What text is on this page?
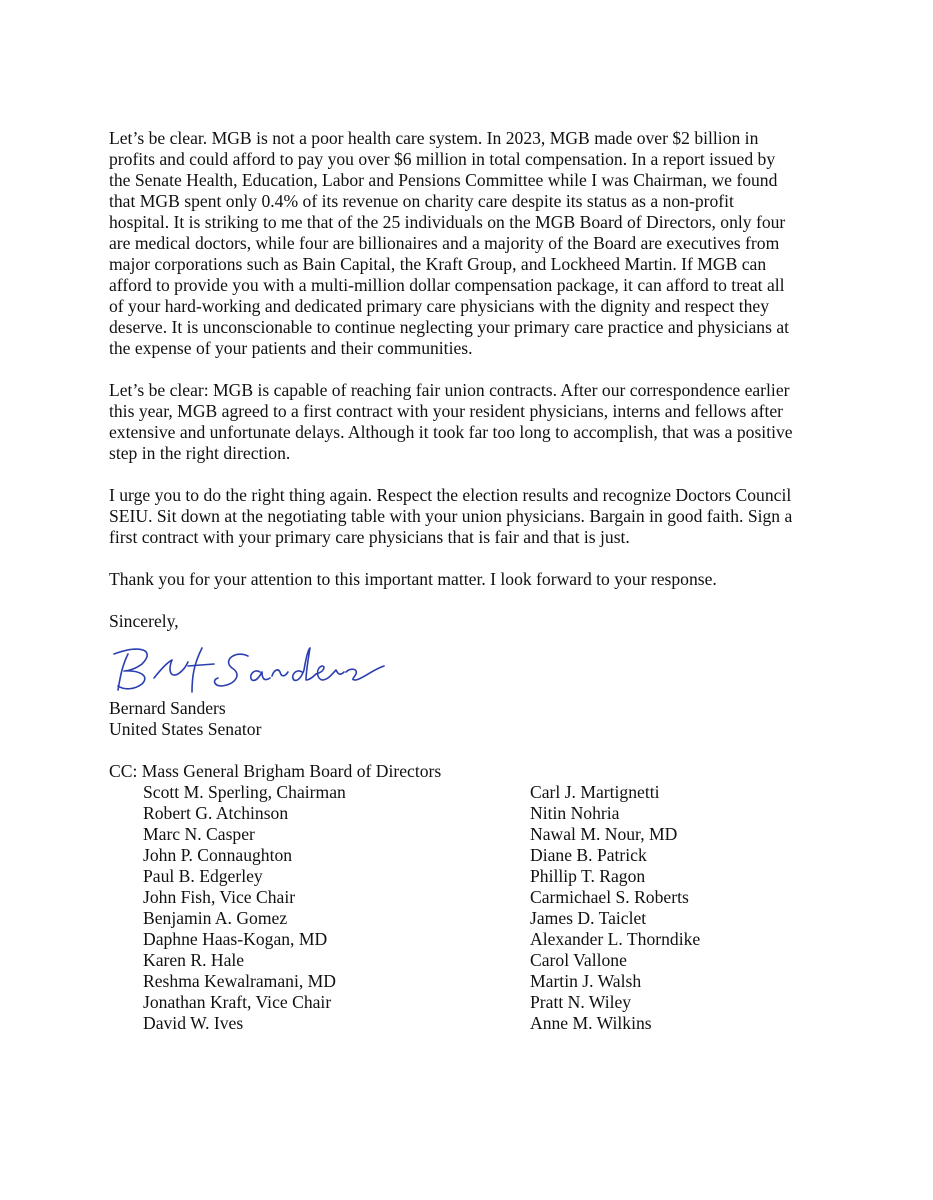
Let’s be clear. MGB is not a poor health care system. In 2023, MGB made over $2 billion in
profits and could afford to pay you over $6 million in total compensation. In a report issued by
the Senate Health, Education, Labor and Pensions Committee while I was Chairman, we found
that MGB spent only 0.4% of its revenue on charity care despite its status as a non-profit
hospital. It is striking to me that of the 25 individuals on the MGB Board of Directors, only four
are medical doctors, while four are billionaires and a majority of the Board are executives from
major corporations such as Bain Capital, the Kraft Group, and Lockheed Martin. If MGB can
afford to provide you with a multi-million dollar compensation package, it can afford to treat all
of your hard-working and dedicated primary care physicians with the dignity and respect they
deserve. It is unconscionable to continue neglecting your primary care practice and physicians at
the expense of your patients and their communities.

Let’s be clear: MGB is capable of reaching fair union contracts. After our correspondence earlier
this year, MGB agreed to a first contract with your resident physicians, interns and fellows after
extensive and unfortunate delays. Although it took far too long to accomplish, that was a positive
step in the right direction.

I urge you to do the right thing again. Respect the election results and recognize Doctors Council
SEIU. Sit down at the negotiating table with your union physicians. Bargain in good faith. Sign a
first contract with your primary care physicians that is fair and that is just.

Thank you for your attention to this important matter. I look forward to your response.

Sincerely,

Bernard Sanders

United States Senator

CC: Mass General Brigham Board of Directors

Scott M. Sperling, Chairman
Robert G. Atchinson
Marc N. Casper
John P. Connaughton
Paul B. Edgerley
John Fish, Vice Chair
Benjamin A. Gomez
Daphne Haas-Kogan, MD
Karen R. Hale
Reshma Kewalramani, MD
Jonathan Kraft, Vice Chair
David W. Ives
Carl J. Martignetti
Nitin Nohria
Nawal M. Nour, MD
Diane B. Patrick
Phillip T. Ragon
Carmichael S. Roberts
James D. Taiclet
Alexander L. Thorndike
Carol Vallone
Martin J. Walsh
Pratt N. Wiley
Anne M. Wilkins
